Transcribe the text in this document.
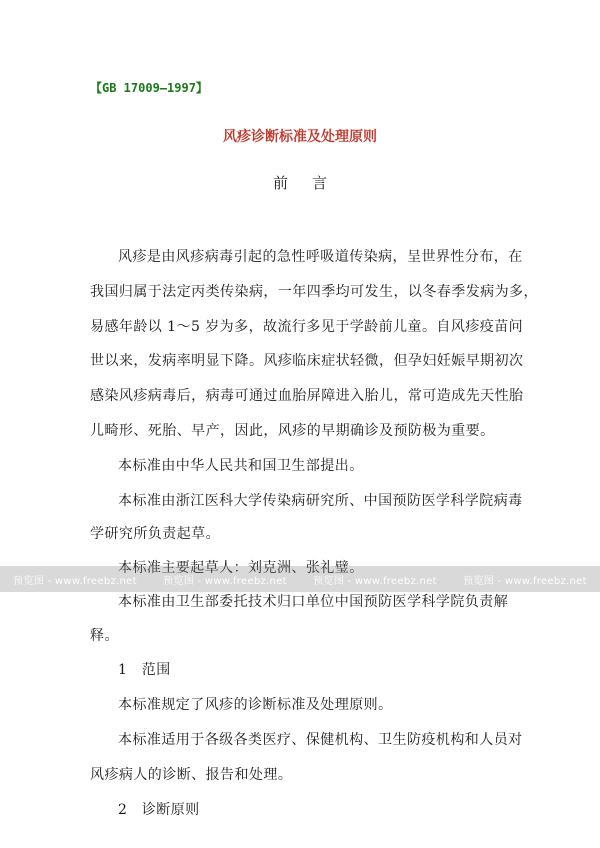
【GB 17009—1997】
风疹诊断标准及处理原则
前言
风疹是由风疹病毒引起的急性呼吸道传染病，呈世界性分布，在
我国归属于法定丙类传染病，一年四季均可发生，以冬春季发病为多，
易感年龄以 1～5 岁为多，故流行多见于学龄前儿童。自风疹疫苗问
世以来，发病率明显下降。风疹临床症状轻微，但孕妇妊娠早期初次
感染风疹病毒后，病毒可通过血胎屏障进入胎儿，常可造成先天性胎
儿畸形、死胎、早产，因此，风疹的早期确诊及预防极为重要。
本标准由中华人民共和国卫生部提出。
本标准由浙江医科大学传染病研究所、中国预防医学科学院病毒
学研究所负责起草。
本标准主要起草人：刘克洲、张礼璧。
本标准由卫生部委托技术归口单位中国预防医学科学院负责解
释。
1　范围
本标准规定了风疹的诊断标准及处理原则。
本标准适用于各级各类医疗、保健机构、卫生防疫机构和人员对
风疹病人的诊断、报告和处理。
2　诊断原则
预览图 - www.freebz.net	预览图 - www.freebz.net	预览图 - www.freebz.net	预览图 - www.freebz.net
